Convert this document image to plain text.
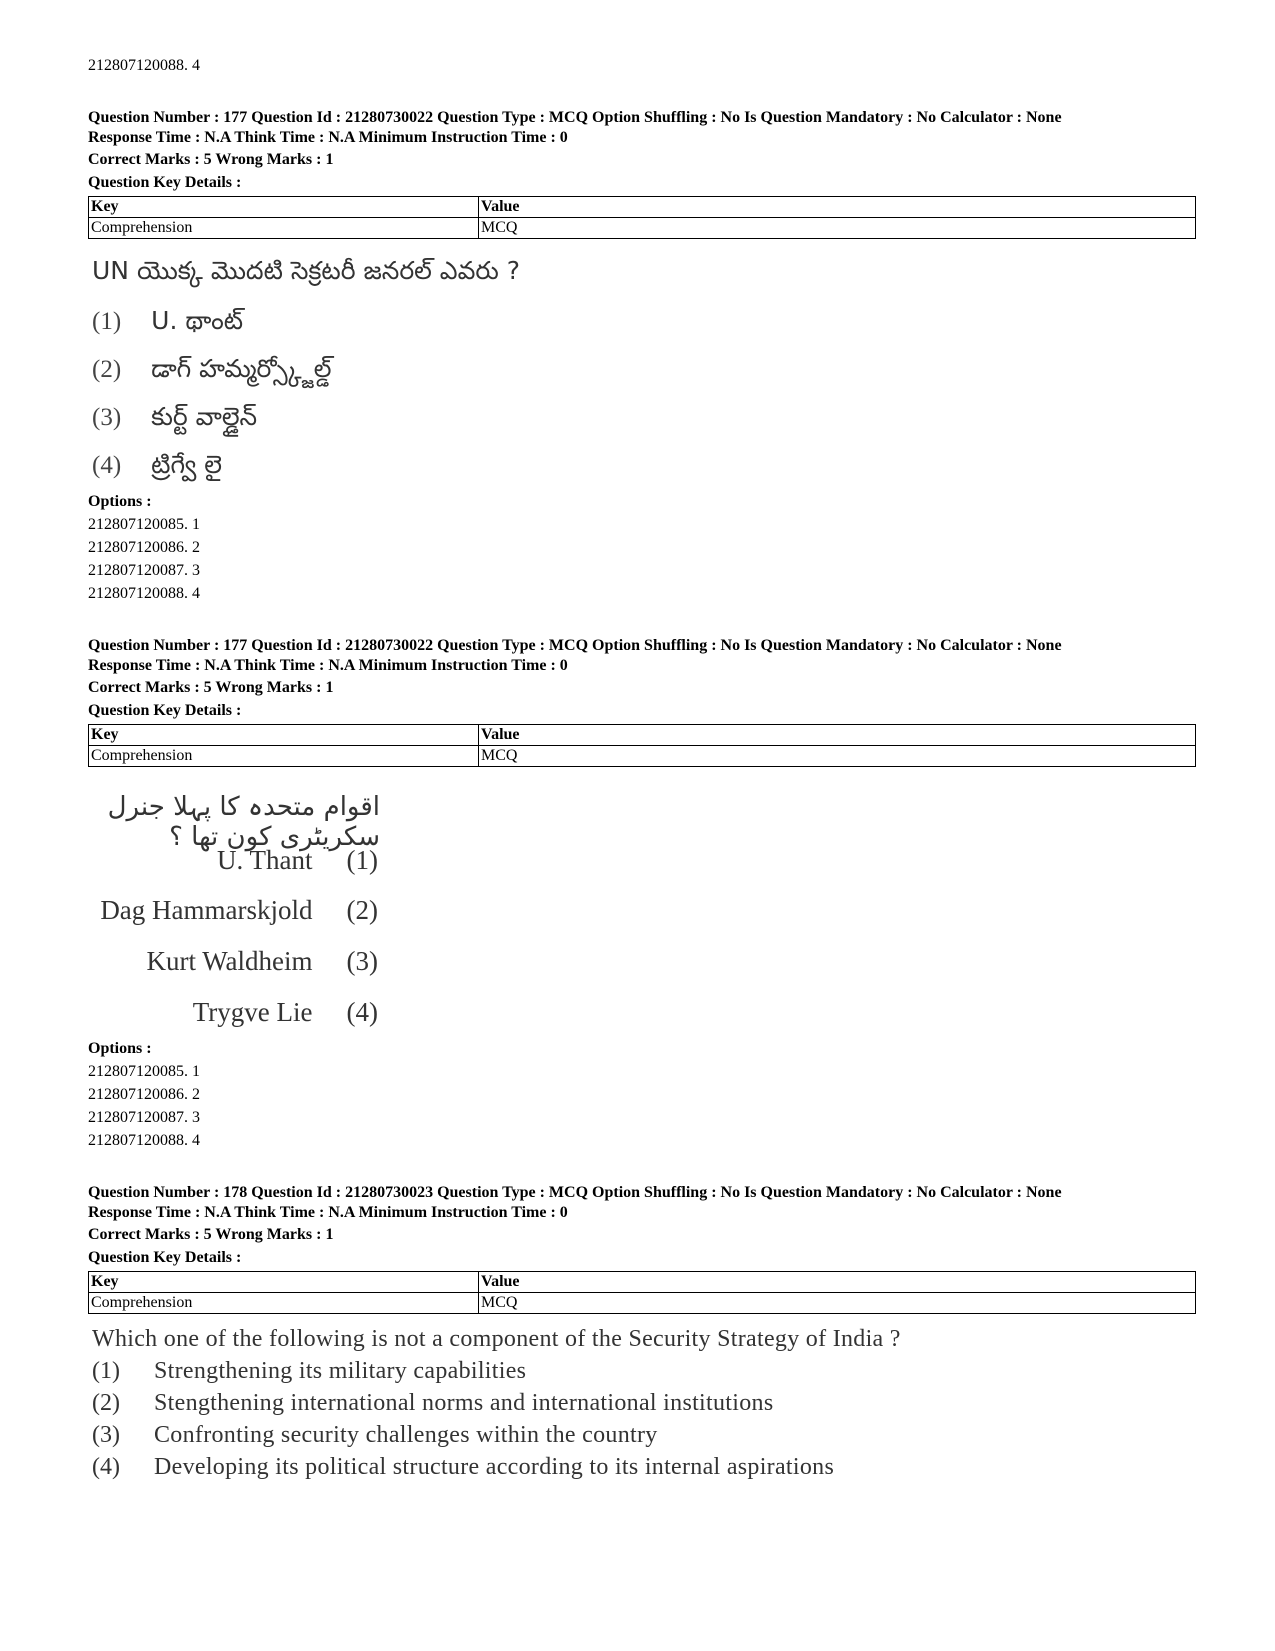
212807120088. 4
Question Number : 177 Question Id : 21280730022 Question Type : MCQ Option Shuffling : No Is Question Mandatory : No Calculator : None
Response Time : N.A Think Time : N.A Minimum Instruction Time : 0
Correct Marks : 5 Wrong Marks : 1
Question Key Details :
Key	Value
Comprehension	MCQ
UN యొక్క మొదటి సెక్రటరీ జనరల్ ఎవరు ?
(1) U. థాంట్
(2) డాగ్ హమ్మర్స్క్జోల్డ్
(3) కుర్ట్ వాల్డైన్
(4) ట్రిగ్వే లై
Options :
212807120085. 1
212807120086. 2
212807120087. 3
212807120088. 4
Question Number : 177 Question Id : 21280730022 Question Type : MCQ Option Shuffling : No Is Question Mandatory : No Calculator : None
Response Time : N.A Think Time : N.A Minimum Instruction Time : 0
Correct Marks : 5 Wrong Marks : 1
Question Key Details :
Key	Value
Comprehension	MCQ
اقوام متحدہ کا پہلا جنرل سکریٹری کون تھا ؟
U. Thant (1)
Dag Hammarskjold (2)
Kurt Waldheim (3)
Trygve Lie (4)
Options :
212807120085. 1
212807120086. 2
212807120087. 3
212807120088. 4
Question Number : 178 Question Id : 21280730023 Question Type : MCQ Option Shuffling : No Is Question Mandatory : No Calculator : None
Response Time : N.A Think Time : N.A Minimum Instruction Time : 0
Correct Marks : 5 Wrong Marks : 1
Question Key Details :
Key	Value
Comprehension	MCQ
Which one of the following is not a component of the Security Strategy of India ?
(1) Strengthening its military capabilities
(2) Stengthening international norms and international institutions
(3) Confronting security challenges within the country
(4) Developing its political structure according to its internal aspirations
